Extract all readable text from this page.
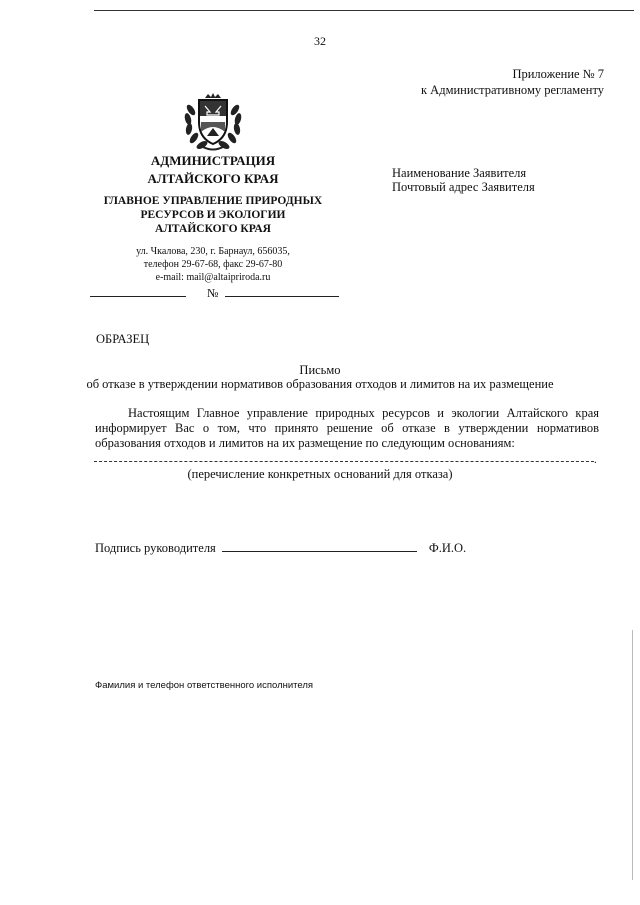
32
Приложение № 7
к Административному регламенту
АДМИНИСТРАЦИЯ
АЛТАЙСКОГО КРАЯ
ГЛАВНОЕ УПРАВЛЕНИЕ ПРИРОДНЫХ
РЕСУРСОВ И ЭКОЛОГИИ
АЛТАЙСКОГО КРАЯ
ул. Чкалова, 230, г. Барнаул, 656035,
телефон 29-67-68, факс 29-67-80
e-mail: mail@altaipriroda.ru
№
Наименование Заявителя
Почтовый адрес Заявителя
ОБРАЗЕЦ
Письмо
об отказе в утверждении нормативов образования отходов и лимитов на их размещение

Настоящим Главное управление природных ресурсов и экологии Алтайского края информирует Вас о том, что принято решение об отказе в утверждении нормативов образования отходов и лимитов на их размещение по следующим основаниям:

.
(перечисление конкретных оснований для отказа)
Подпись руководителя	Ф.И.О.
Фамилия и телефон ответственного исполнителя
